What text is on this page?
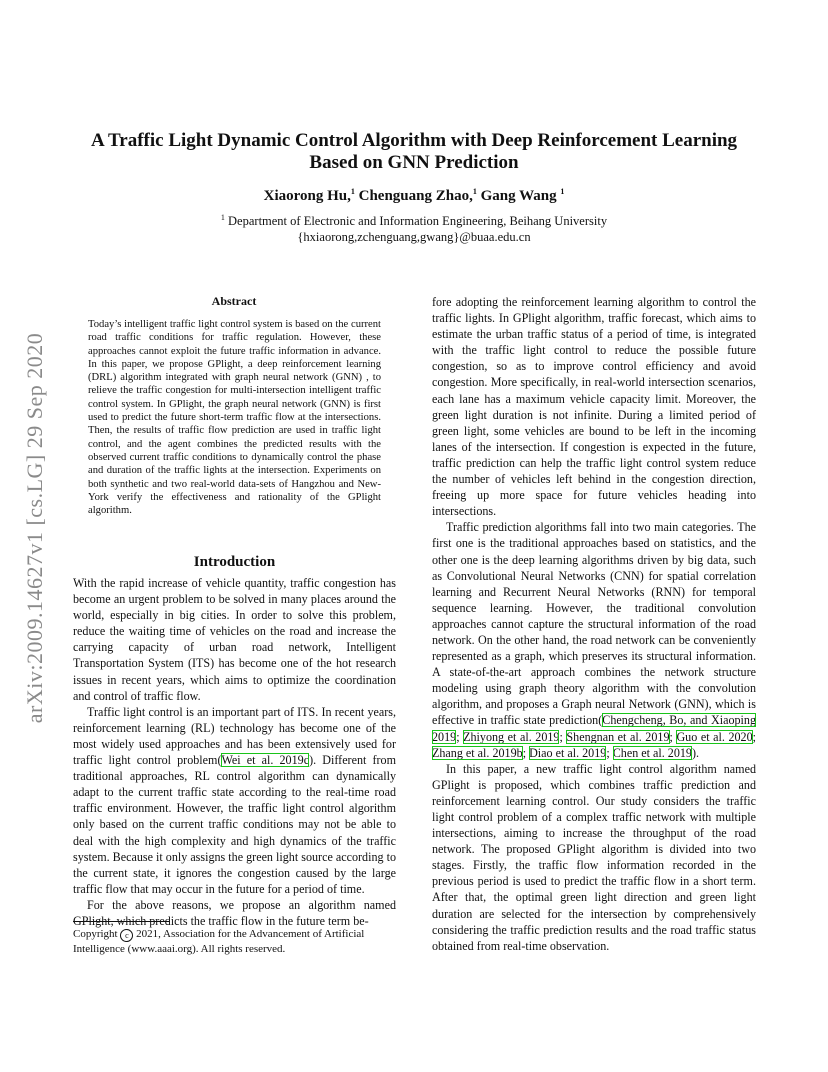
arXiv:2009.14627v1 [cs.LG] 29 Sep 2020
A Traffic Light Dynamic Control Algorithm with Deep Reinforcement Learning
Based on GNN Prediction
Xiaorong Hu,$^1$ Chenguang Zhao,$^1$ Gang Wang $^1$
$^1$ Department of Electronic and Information Engineering, Beihang University
{hxiaorong,zchenguang,gwang}@buaa.edu.cn
Abstract
Today’s intelligent traffic light control system is based on the current road traffic conditions for traffic regulation. However, these approaches cannot exploit the future traffic information in advance. In this paper, we propose GPlight, a deep reinforcement learning (DRL) algorithm integrated with graph neural network (GNN) , to relieve the traffic congestion for multi-intersection intelligent traffic control system. In GPlight, the graph neural network (GNN) is first used to predict the future short-term traffic flow at the intersections. Then, the results of traffic flow prediction are used in traffic light control, and the agent combines the predicted results with the observed current traffic conditions to dynamically control the phase and duration of the traffic lights at the intersection. Experiments on both synthetic and two real-world data-sets of Hangzhou and New-York verify the effectiveness and rationality of the GPlight algorithm.
Introduction

With the rapid increase of vehicle quantity, traffic congestion has become an urgent problem to be solved in many places around the world, especially in big cities. In order to solve this problem, reduce the waiting time of vehicles on the road and increase the carrying capacity of urban road network, Intelligent Transportation System (ITS) has become one of the hot research issues in recent years, which aims to optimize the coordination and control of traffic flow.

Traffic light control is an important part of ITS. In recent years, reinforcement learning (RL) technology has become one of the most widely used approaches and has been extensively used for traffic light control problem(Wei et al. 2019c). Different from traditional approaches, RL control algorithm can dynamically adapt to the current traffic state according to the real-time road traffic environment. However, the traffic light control algorithm only based on the current traffic conditions may not be able to deal with the high complexity and high dynamics of the traffic system. Because it only assigns the green light source according to the current state, it ignores the congestion caused by the large traffic flow that may occur in the future for a period of time.

For the above reasons, we propose an algorithm named GPlight, which predicts the traffic flow in the future term be-

Copyright c 2021, Association for the Advancement of Artificial Intelligence (www.aaai.org). All rights reserved.

fore adopting the reinforcement learning algorithm to control the traffic lights. In GPlight algorithm, traffic forecast, which aims to estimate the urban traffic status of a period of time, is integrated with the traffic light control to reduce the possible future congestion, so as to improve control efficiency and avoid congestion. More specifically, in real-world intersection scenarios, each lane has a maximum vehicle capacity limit. Moreover, the green light duration is not infinite. During a limited period of green light, some vehicles are bound to be left in the incoming lanes of the intersection. If congestion is expected in the future, traffic prediction can help the traffic light control system reduce the number of vehicles left behind in the congestion direction, freeing up more space for future vehicles heading into intersections.

Traffic prediction algorithms fall into two main categories. The first one is the traditional approaches based on statistics, and the other one is the deep learning algorithms driven by big data, such as Convolutional Neural Networks (CNN) for spatial correlation learning and Recurrent Neural Networks (RNN) for temporal sequence learning. However, the traditional convolution approaches cannot capture the structural information of the road network. On the other hand, the road network can be conveniently represented as a graph, which preserves its structural information. A state-of-the-art approach combines the network structure modeling using graph theory algorithm with the convolution algorithm, and proposes a Graph neural Network (GNN), which is effective in traffic state prediction(Chengcheng, Bo, and Xiaoping 2019; Zhiyong et al. 2019; Shengnan et al. 2019; Guo et al. 2020; Zhang et al. 2019b; Diao et al. 2019; Chen et al. 2019).

In this paper, a new traffic light control algorithm named GPlight is proposed, which combines traffic prediction and reinforcement learning control. Our study considers the traffic light control problem of a complex traffic network with multiple intersections, aiming to increase the throughput of the road network. The proposed GPlight algorithm is divided into two stages. Firstly, the traffic flow information recorded in the previous period is used to predict the traffic flow in a short term. After that, the optimal green light direction and green light duration are selected for the intersection by comprehensively considering the traffic prediction results and the road traffic status obtained from real-time observation.
